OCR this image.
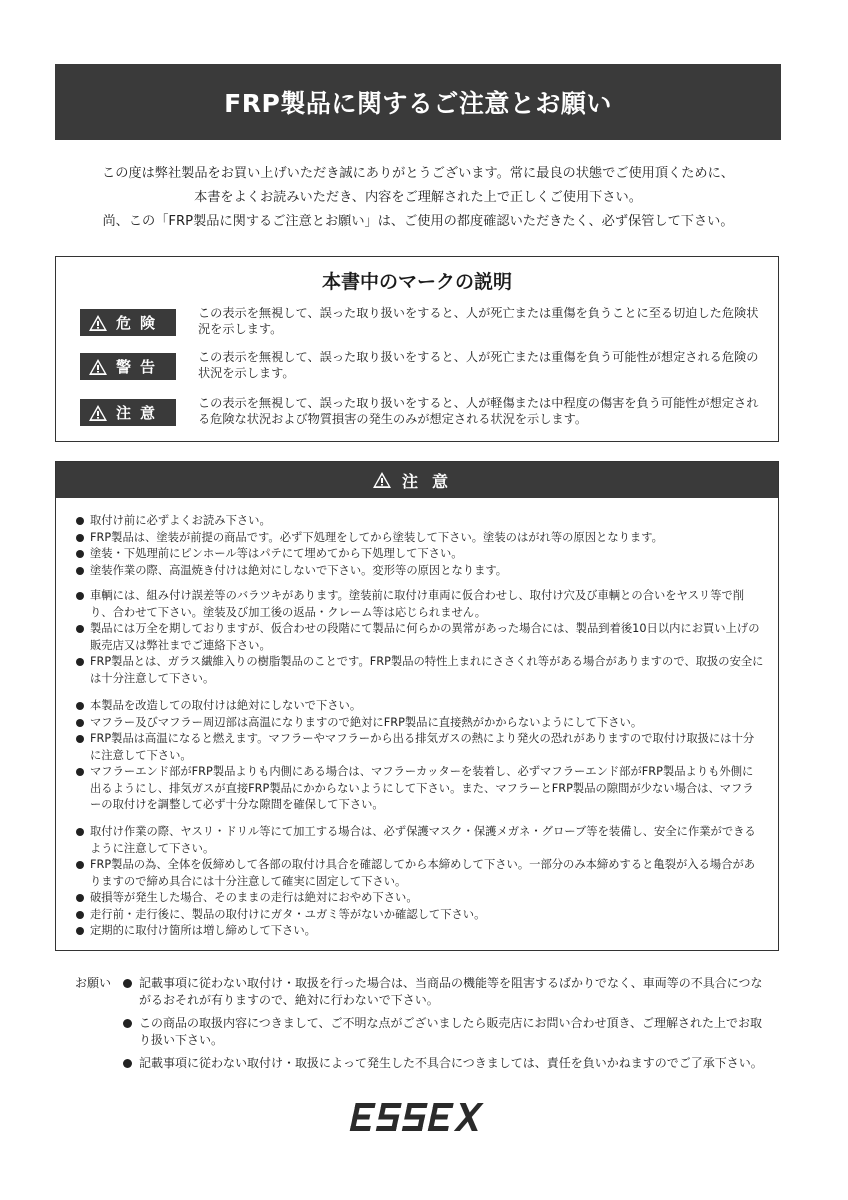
FRP製品に関するご注意とお願い
この度は弊社製品をお買い上げいただき誠にありがとうございます。常に最良の状態でご使用頂くために、
本書をよくお読みいただき、内容をご理解された上で正しくご使用下さい。
尚、この「FRP製品に関するご注意とお願い」は、ご使用の都度確認いただきたく、必ず保管して下さい。
本書中のマークの説明
危険
この表示を無視して、誤った取り扱いをすると、人が死亡または重傷を負うことに至る切迫した危険状況を示します。
警告
この表示を無視して、誤った取り扱いをすると、人が死亡または重傷を負う可能性が想定される危険の状況を示します。
注意
この表示を無視して、誤った取り扱いをすると、人が軽傷または中程度の傷害を負う可能性が想定される危険な状況および物質損害の発生のみが想定される状況を示します。
注意
取付け前に必ずよくお読み下さい。
FRP製品は、塗装が前提の商品です。必ず下処理をしてから塗装して下さい。塗装のはがれ等の原因となります。
塗装・下処理前にピンホール等はパテにて埋めてから下処理して下さい。
塗装作業の際、高温焼き付けは絶対にしないで下さい。変形等の原因となります。
車輌には、組み付け誤差等のバラツキがあります。塗装前に取付け車両に仮合わせし、取付け穴及び車輌との合いをヤスリ等で削り、合わせて下さい。塗装及び加工後の返品・クレーム等は応じられません。
製品には万全を期しておりますが、仮合わせの段階にて製品に何らかの異常があった場合には、製品到着後10日以内にお買い上げの販売店又は弊社までご連絡下さい。
FRP製品とは、ガラス繊維入りの樹脂製品のことです。FRP製品の特性上まれにささくれ等がある場合がありますので、取扱の安全には十分注意して下さい。
本製品を改造しての取付けは絶対にしないで下さい。
マフラー及びマフラー周辺部は高温になりますので絶対にFRP製品に直接熱がかからないようにして下さい。
FRP製品は高温になると燃えます。マフラーやマフラーから出る排気ガスの熱により発火の恐れがありますので取付け取扱には十分に注意して下さい。
マフラーエンド部がFRP製品よりも内側にある場合は、マフラーカッターを装着し、必ずマフラーエンド部がFRP製品よりも外側に出るようにし、排気ガスが直接FRP製品にかからないようにして下さい。また、マフラーとFRP製品の隙間が少ない場合は、マフラーの取付けを調整して必ず十分な隙間を確保して下さい。
取付け作業の際、ヤスリ・ドリル等にて加工する場合は、必ず保護マスク・保護メガネ・グローブ等を装備し、安全に作業ができるように注意して下さい。
FRP製品の為、全体を仮締めして各部の取付け具合を確認してから本締めして下さい。一部分のみ本締めすると亀裂が入る場合がありますので締め具合には十分注意して確実に固定して下さい。
破損等が発生した場合、そのままの走行は絶対におやめ下さい。
走行前・走行後に、製品の取付けにガタ・ユガミ等がないか確認して下さい。
定期的に取付け箇所は増し締めして下さい。
お願い	記載事項に従わない取付け・取扱を行った場合は、当商品の機能等を阻害するばかりでなく、車両等の不具合につながるおそれが有りますので、絶対に行わないで下さい。
この商品の取扱内容につきまして、ご不明な点がございましたら販売店にお問い合わせ頂き、ご理解された上でお取り扱い下さい。
記載事項に従わない取付け・取扱によって発生した不具合につきましては、責任を負いかねますのでご了承下さい。
